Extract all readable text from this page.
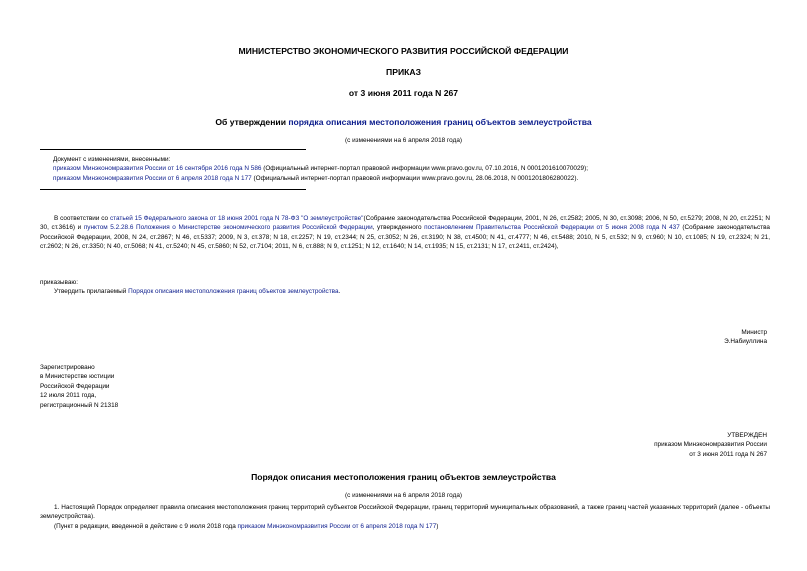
МИНИСТЕРСТВО ЭКОНОМИЧЕСКОГО РАЗВИТИЯ РОССИЙСКОЙ ФЕДЕРАЦИИ
ПРИКАЗ
от 3 июня 2011 года N 267
Об утверждении порядка описания местоположения границ объектов землеустройства
(с изменениями на 6 апреля 2018 года)

Документ с изменениями, внесенными:

приказом Минэкономразвития России от 16 сентября 2016 года N 586 (Официальный интернет-портал правовой информации www.pravo.gov.ru, 07.10.2016, N 0001201610070029);

приказом Минэкономразвития России от 6 апреля 2018 года N 177 (Официальный интернет-портал правовой информации www.pravo.gov.ru, 28.06.2018, N 0001201806280022).

В соответствии со статьей 15 Федерального закона от 18 июня 2001 года N 78-ФЗ "О землеустройстве"(Собрание законодательства Российской Федерации, 2001, N 26, ст.2582; 2005, N 30, ст.3098; 2006, N 50, ст.5279; 2008, N 20, ст.2251; N 30, ст.3616) и пунктом 5.2.28.6 Положения о Министерстве экономического развития Российской Федерации, утвержденного постановлением Правительства Российской Федерации от 5 июня 2008 года N 437 (Собрание законодательства Российской Федерации, 2008, N 24, ст.2867; N 46, ст.5337; 2009, N 3, ст.378; N 18, ст.2257; N 19, ст.2344; N 25, ст.3052; N 26, ст.3190; N 38, ст.4500; N 41, ст.4777; N 46, ст.5488; 2010, N 5, ст.532; N 9, ст.960; N 10, ст.1085; N 19, ст.2324; N 21, ст.2602; N 26, ст.3350; N 40, ст.5068; N 41, ст.5240; N 45, ст.5860; N 52, ст.7104; 2011, N 6, ст.888; N 9, ст.1251; N 12, ст.1640; N 14, ст.1935; N 15, ст.2131; N 17, ст.2411, ст.2424),
приказываю:
Утвердить прилагаемый Порядок описания местоположения границ объектов землеустройства.

Министр

Э.Набиуллина

Зарегистрировано

в Министерстве юстиции

Российской Федерации

12 июля 2011 года,

регистрационный N 21318

УТВЕРЖДЕН

приказом Минэкономразвития России

от 3 июня 2011 года N 267

Порядок описания местоположения границ объектов землеустройства
(с изменениями на 6 апреля 2018 года)
1. Настоящий Порядок определяет правила описания местоположения границ территорий субъектов Российской Федерации, границ территорий муниципальных образований, а также границ частей указанных территорий (далее - объекты землеустройства).
(Пункт в редакции, введенной в действие с 9 июля 2018 года приказом Минэкономразвития России от 6 апреля 2018 года N 177)
